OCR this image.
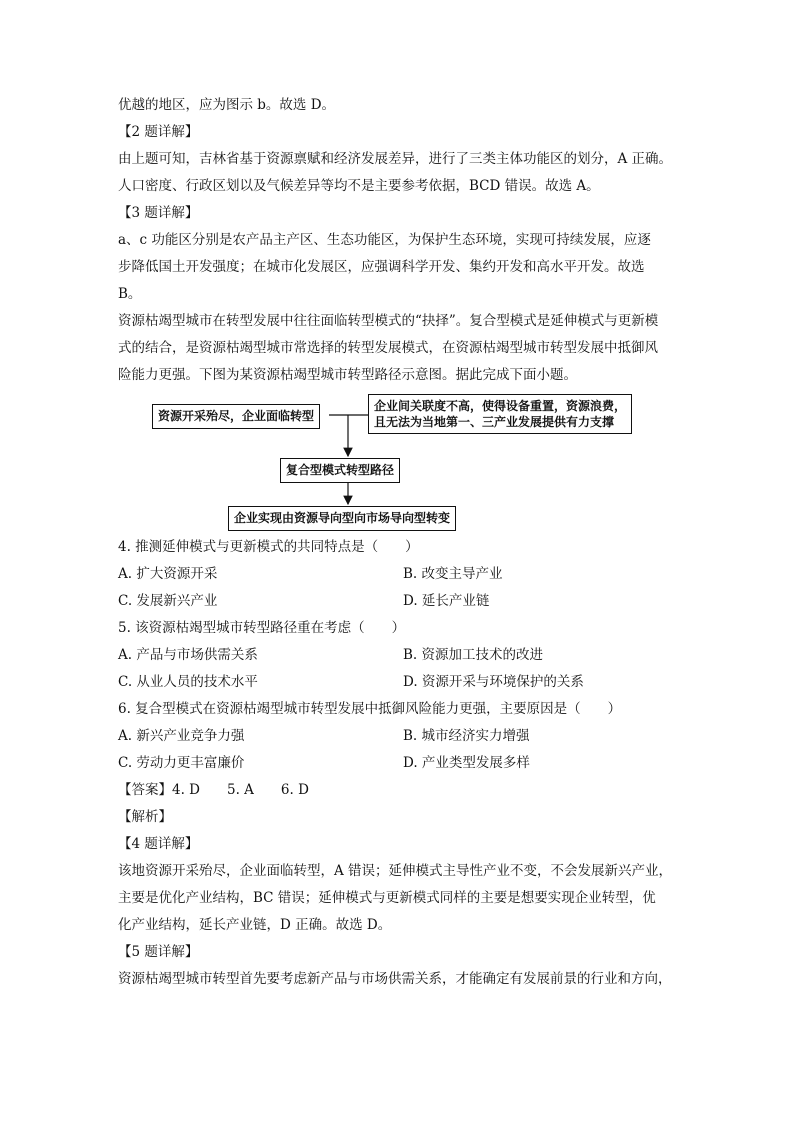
优越的地区，应为图示 b。故选 D。

【2 题详解】

由上题可知，吉林省基于资源禀赋和经济发展差异，进行了三类主体功能区的划分，A 正确。

人口密度、行政区划以及气候差异等均不是主要参考依据，BCD 错误。故选 A。

【3 题详解】

a、c 功能区分别是农产品主产区、生态功能区，为保护生态环境，实现可持续发展，应逐

步降低国土开发强度；在城市化发展区，应强调科学开发、集约开发和高水平开发。故选

B。

资源枯竭型城市在转型发展中往往面临转型模式的“抉择”。复合型模式是延伸模式与更新模

式的结合，是资源枯竭型城市常选择的转型发展模式，在资源枯竭型城市转型发展中抵御风

险能力更强。下图为某资源枯竭型城市转型路径示意图。据此完成下面小题。

资源开采殆尽，企业面临转型
企业间关联度不高，使得设备重置，资源浪费，
且无法为当地第一、三产业发展提供有力支撑
复合型模式转型路径
企业实现由资源导向型向市场导向型转变

4. 推测延伸模式与更新模式的共同特点是（　　）

A. 扩大资源开采	B. 改变主导产业
C. 发展新兴产业	D. 延长产业链

5. 该资源枯竭型城市转型路径重在考虑（　　）

A. 产品与市场供需关系	B. 资源加工技术的改进
C. 从业人员的技术水平	D. 资源开采与环境保护的关系

6. 复合型模式在资源枯竭型城市转型发展中抵御风险能力更强，主要原因是（　　）

A. 新兴产业竞争力强	B. 城市经济实力增强
C. 劳动力更丰富廉价	D. 产业类型发展多样

【答案】4. D　　5. A　　6. D

【解析】

【4 题详解】

该地资源开采殆尽，企业面临转型，A 错误；延伸模式主导性产业不变，不会发展新兴产业，

主要是优化产业结构，BC 错误；延伸模式与更新模式同样的主要是想要实现企业转型，优

化产业结构，延长产业链，D 正确。故选 D。

【5 题详解】

资源枯竭型城市转型首先要考虑新产品与市场供需关系，才能确定有发展前景的行业和方向，
